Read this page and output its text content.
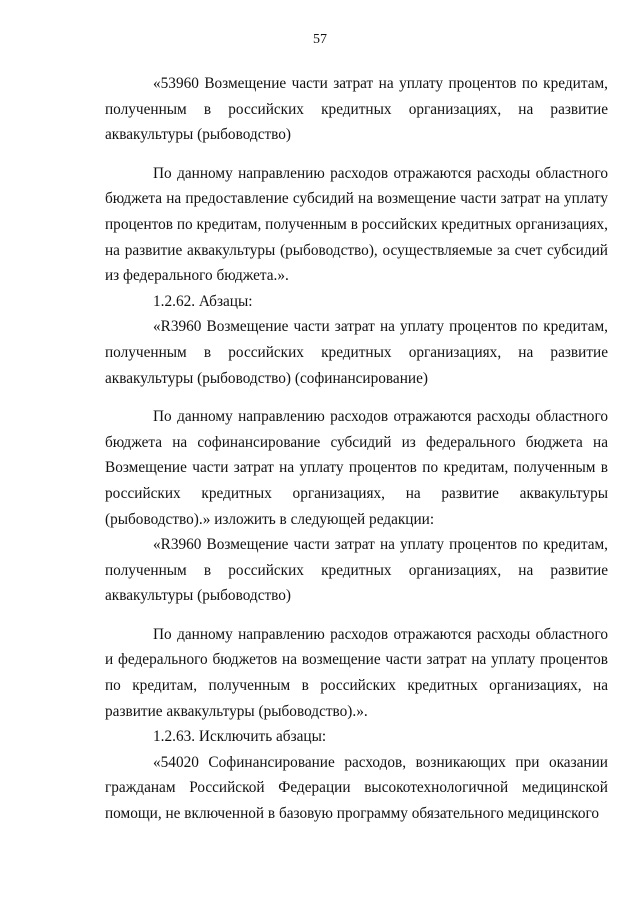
57

«53960 Возмещение части затрат на уплату процентов по кредитам, полученным в российских кредитных организациях, на развитие аквакультуры (рыбоводство)

По данному направлению расходов отражаются расходы областного бюджета на предоставление субсидий на возмещение части затрат на уплату процентов по кредитам, полученным в российских кредитных организациях, на развитие аквакультуры (рыбоводство), осуществляемые за счет субсидий из федерального бюджета.».

1.2.62. Абзацы:

«R3960 Возмещение части затрат на уплату процентов по кредитам, полученным в российских кредитных организациях, на развитие аквакультуры (рыбоводство) (софинансирование)

По данному направлению расходов отражаются расходы областного бюджета на софинансирование субсидий из федерального бюджета на Возмещение части затрат на уплату процентов по кредитам, полученным в российских кредитных организациях, на развитие аквакультуры (рыбоводство).» изложить в следующей редакции:

«R3960 Возмещение части затрат на уплату процентов по кредитам, полученным в российских кредитных организациях, на развитие аквакультуры (рыбоводство)

По данному направлению расходов отражаются расходы областного и федерального бюджетов на возмещение части затрат на уплату процентов по кредитам, полученным в российских кредитных организациях, на развитие аквакультуры (рыбоводство).».

1.2.63. Исключить абзацы:

«54020 Софинансирование расходов, возникающих при оказании гражданам Российской Федерации высокотехнологичной медицинской помощи, не включенной в базовую программу обязательного медицинского
